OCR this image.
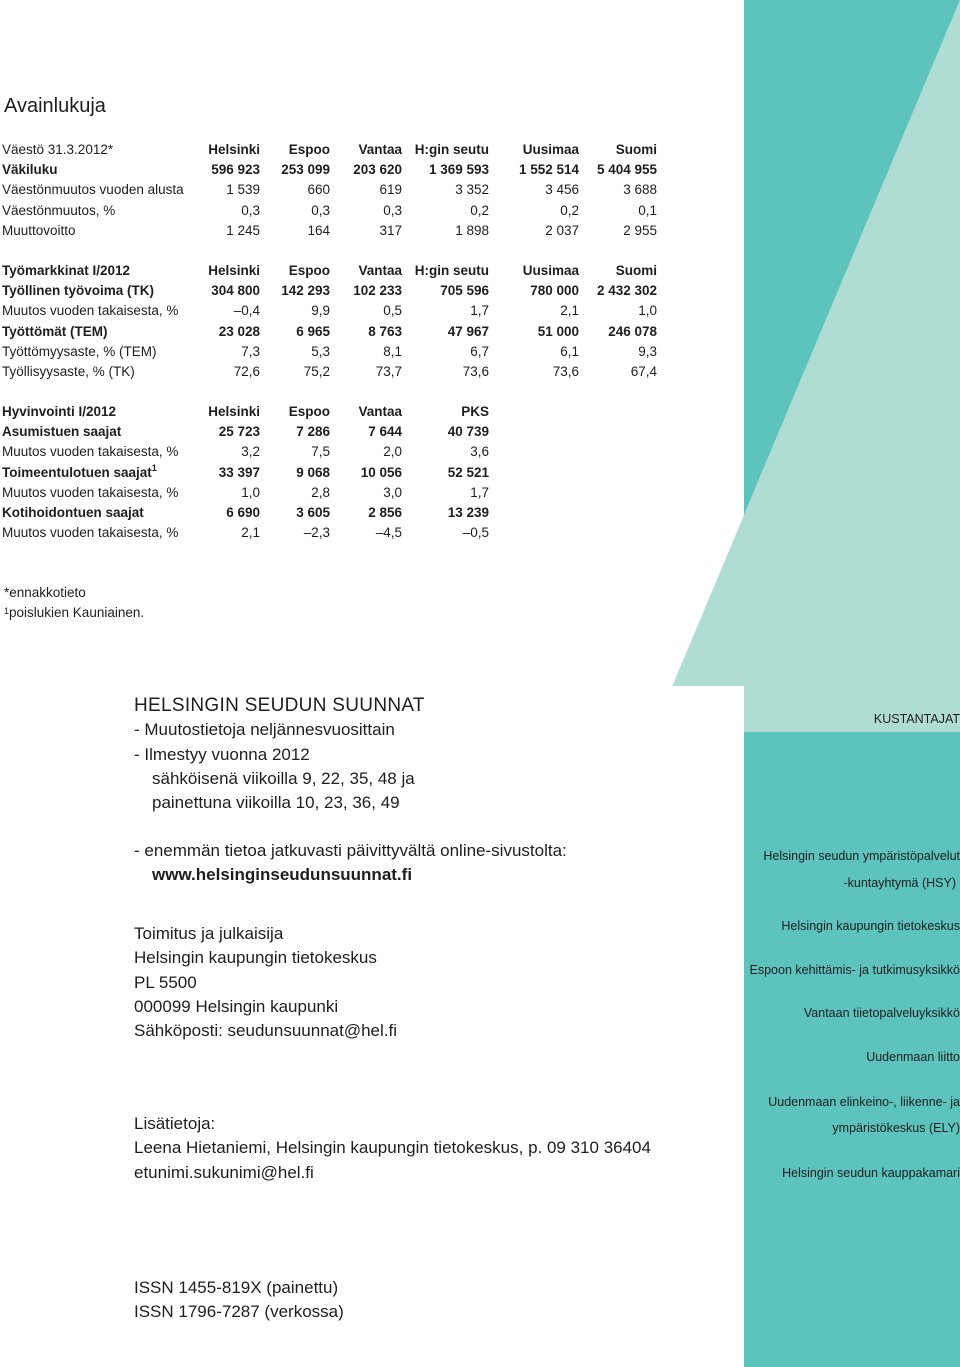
Avainlukuja
Väestö 31.3.2012*	Helsinki	Espoo	Vantaa	H:gin seutu	Uusimaa	Suomi
Väkiluku	596 923	253 099	203 620	1 369 593	1 552 514	5 404 955
Väestönmuutos vuoden alusta	1 539	660	619	3 352	3 456	3 688
Väestönmuutos, %	0,3	0,3	0,3	0,2	0,2	0,1
Muuttovoitto	1 245	164	317	1 898	2 037	2 955
Työmarkkinat I/2012	Helsinki	Espoo	Vantaa	H:gin seutu	Uusimaa	Suomi
Työllinen työvoima (TK)	304 800	142 293	102 233	705 596	780 000	2 432 302
Muutos vuoden takaisesta, %	–0,4	9,9	0,5	1,7	2,1	1,0
Työttömät (TEM)	23 028	6 965	8 763	47 967	51 000	246 078
Työttömyysaste, % (TEM)	7,3	5,3	8,1	6,7	6,1	9,3
Työllisyysaste, % (TK)	72,6	75,2	73,7	73,6	73,6	67,4
Hyvinvointi I/2012	Helsinki	Espoo	Vantaa	PKS
Asumistuen saajat	25 723	7 286	7 644	40 739
Muutos vuoden takaisesta, %	3,2	7,5	2,0	3,6
Toimeentulotuen saajat$^1$	33 397	9 068	10 056	52 521
Muutos vuoden takaisesta, %	1,0	2,8	3,0	1,7
Kotihoidontuen saajat	6 690	3 605	2 856	13 239
Muutos vuoden takaisesta, %	2,1	–2,3	–4,5	–0,5
*ennakkotieto
$^1$poislukien Kauniainen.
HELSINGIN SEUDUN SUUNNAT
- Muutostietoja neljännesvuosittain
- Ilmestyy vuonna 2012
sähköisenä viikoilla 9, 22, 35, 48 ja
painettuna viikoilla 10, 23, 36, 49
- enemmän tietoa jatkuvasti päivittyvältä online-sivustolta:
www.helsinginseudunsuunnat.fi
Toimitus ja julkaisija
Helsingin kaupungin tietokeskus
PL 5500
000099 Helsingin kaupunki
Sähköposti: seudunsuunnat@hel.fi
Lisätietoja:
Leena Hietaniemi, Helsingin kaupungin tietokeskus, p. 09 310 36404
etunimi.sukunimi@hel.fi
ISSN 1455-819X (painettu)
ISSN 1796-7287 (verkossa)
KUSTANTAJAT
Helsingin seudun ympäristöpalvelut
-kuntayhtymä (HSY)
Helsingin kaupungin tietokeskus
Espoon kehittämis- ja tutkimusyksikkö
Vantaan tiietopalveluyksikkö
Uudenmaan liitto
Uudenmaan elinkeino-, liikenne- ja
ympäristökeskus (ELY)
Helsingin seudun kauppakamari
